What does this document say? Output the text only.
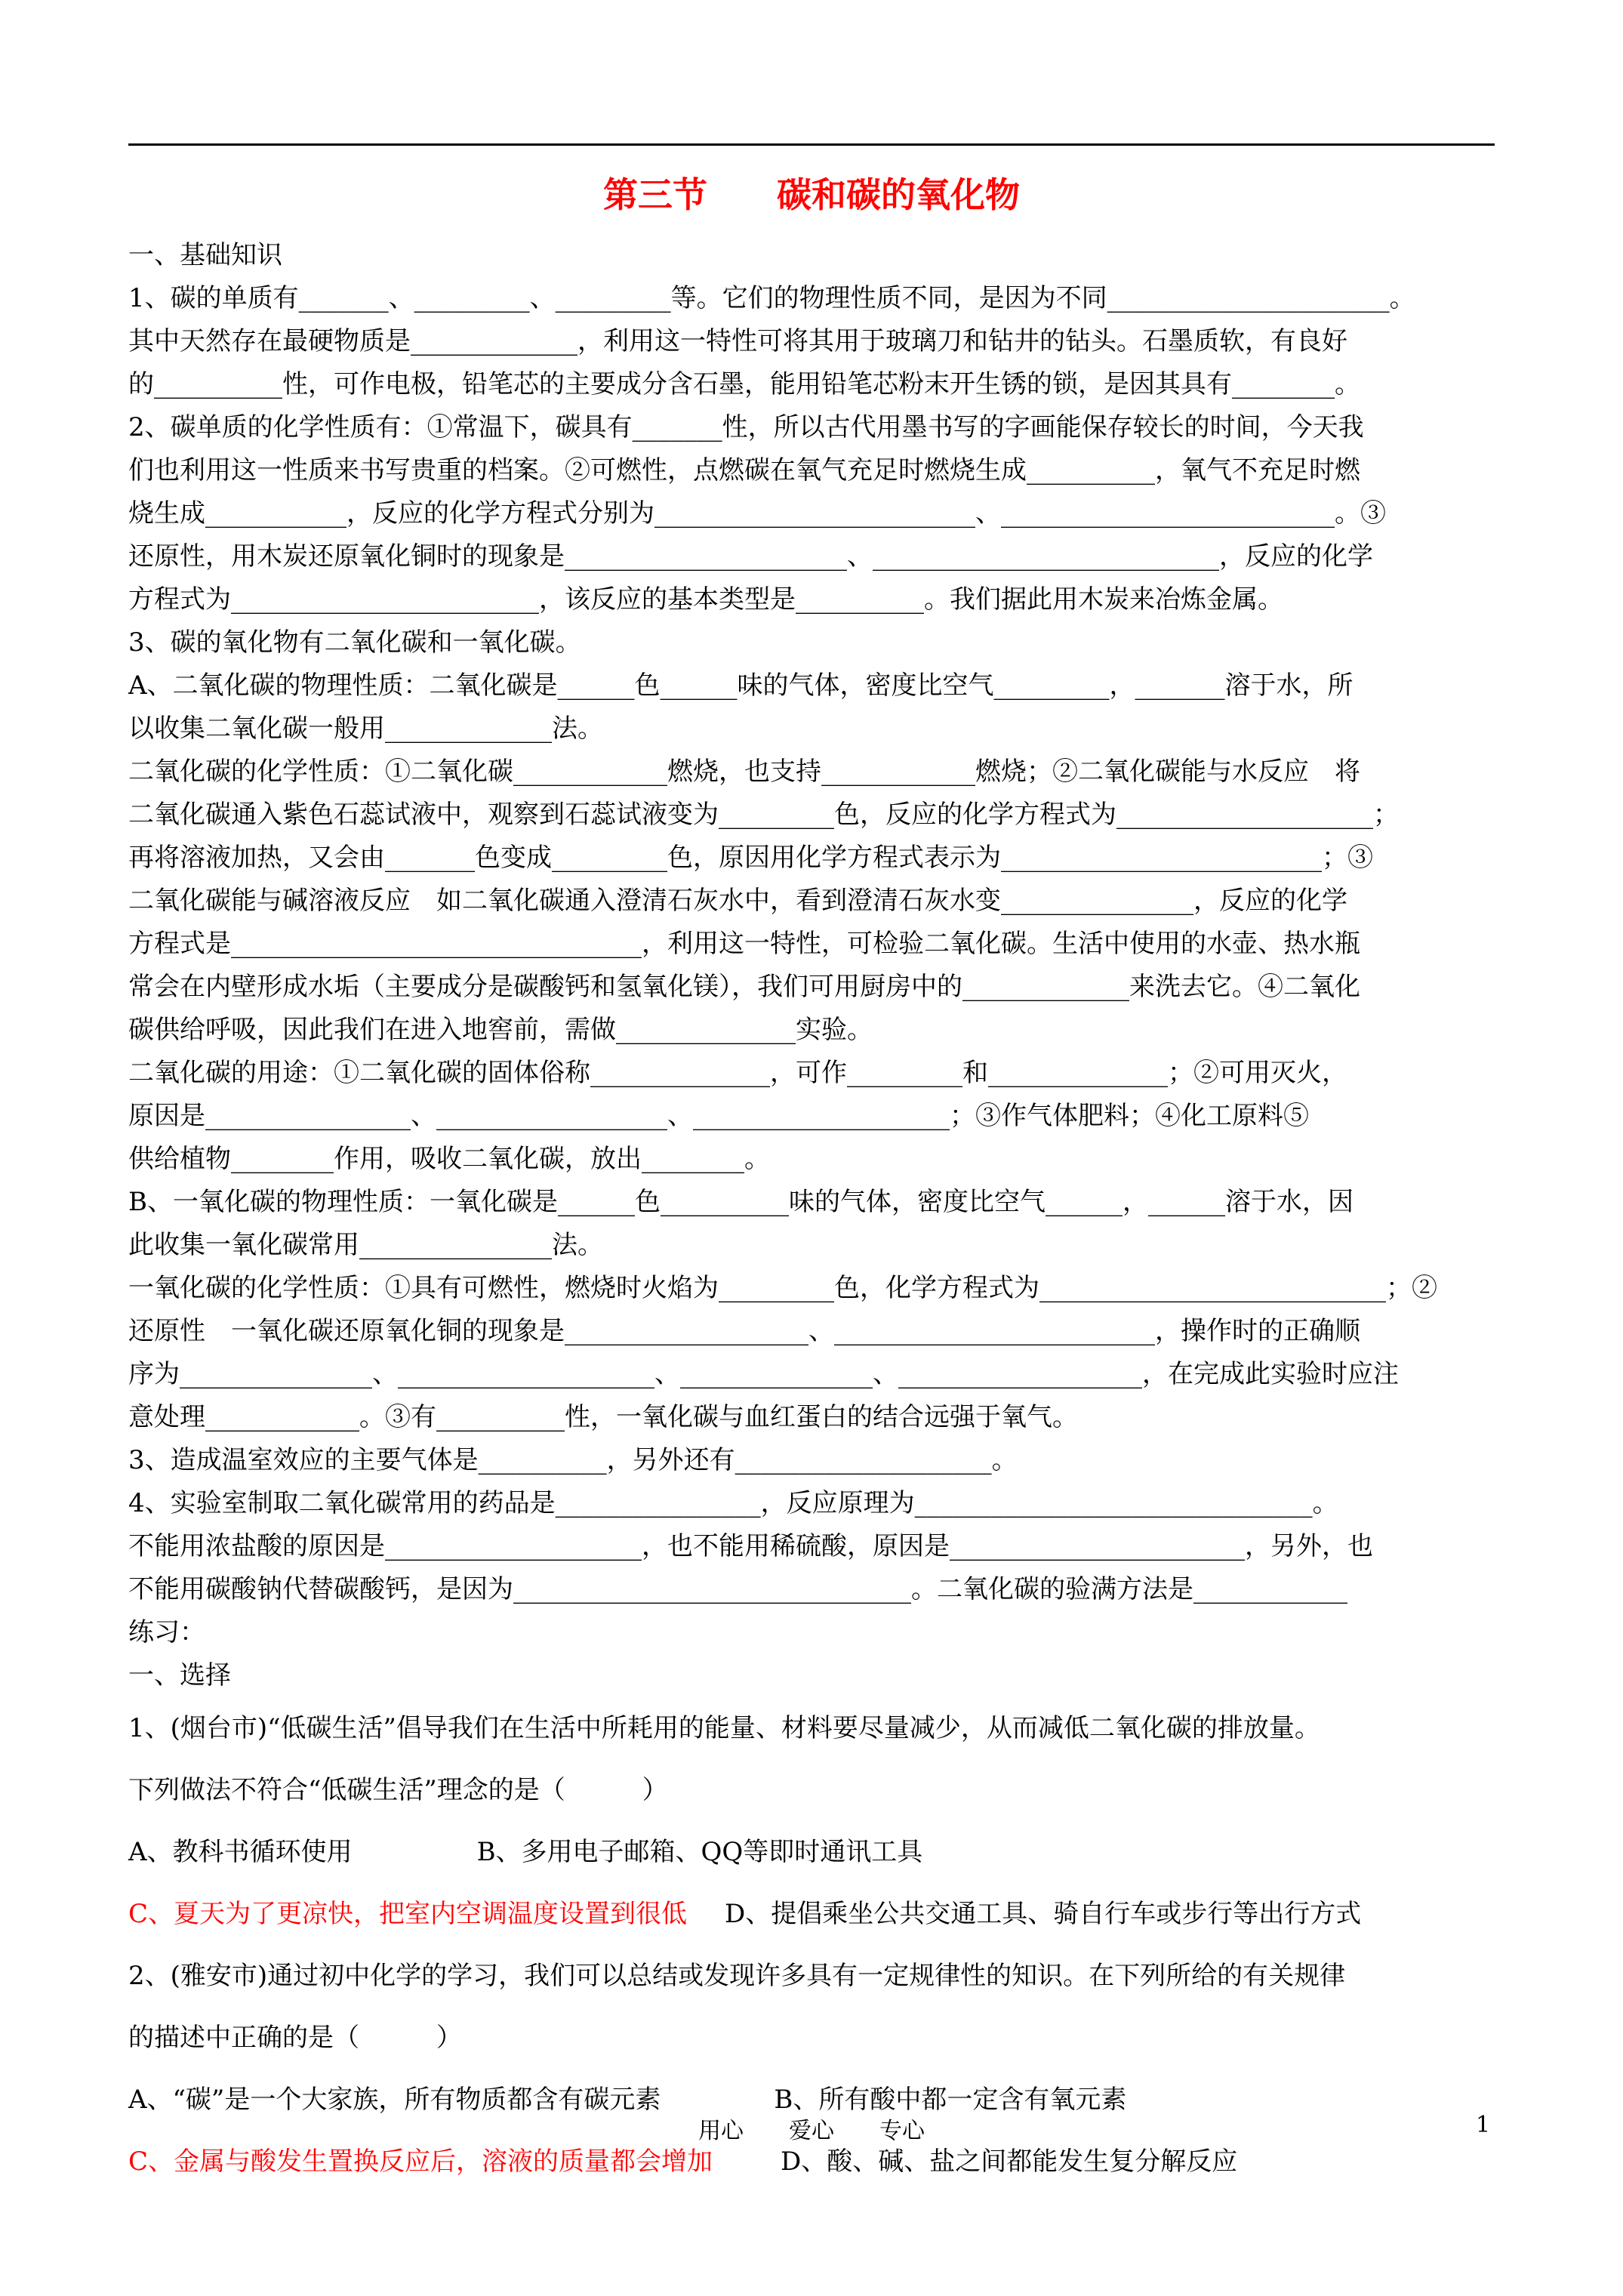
第三节　　碳和碳的氧化物
一、基础知识
1、碳的单质有_______、_________、_________等。它们的物理性质不同，是因为不同______________________。
其中天然存在最硬物质是_____________，利用这一特性可将其用于玻璃刀和钻井的钻头。石墨质软，有良好
的__________性，可作电极，铅笔芯的主要成分含石墨，能用铅笔芯粉末开生锈的锁，是因其具有________。
2、碳单质的化学性质有：①常温下，碳具有_______性，所以古代用墨书写的字画能保存较长的时间，今天我
们也利用这一性质来书写贵重的档案。②可燃性，点燃碳在氧气充足时燃烧生成__________，氧气不充足时燃
烧生成___________，反应的化学方程式分别为_________________________、__________________________。③
还原性，用木炭还原氧化铜时的现象是______________________、___________________________，反应的化学
方程式为________________________，该反应的基本类型是__________。我们据此用木炭来冶炼金属。
3、碳的氧化物有二氧化碳和一氧化碳。
A、二氧化碳的物理性质：二氧化碳是______色______味的气体，密度比空气_________，_______溶于水，所
以收集二氧化碳一般用_____________法。
二氧化碳的化学性质：①二氧化碳____________燃烧，也支持____________燃烧；②二氧化碳能与水反应　将
二氧化碳通入紫色石蕊试液中，观察到石蕊试液变为_________色，反应的化学方程式为____________________；
再将溶液加热，又会由_______色变成_________色，原因用化学方程式表示为_________________________；③
二氧化碳能与碱溶液反应　如二氧化碳通入澄清石灰水中，看到澄清石灰水变_______________，反应的化学
方程式是________________________________，利用这一特性，可检验二氧化碳。生活中使用的水壶、热水瓶
常会在内壁形成水垢（主要成分是碳酸钙和氢氧化镁），我们可用厨房中的_____________来洗去它。④二氧化
碳供给呼吸，因此我们在进入地窖前，需做______________实验。
二氧化碳的用途：①二氧化碳的固体俗称______________，可作_________和______________；②可用灭火，
原因是________________、__________________、____________________；③作气体肥料；④化工原料⑤
供给植物________作用，吸收二氧化碳，放出________。
B、一氧化碳的物理性质：一氧化碳是______色__________味的气体，密度比空气______，______溶于水，因
此收集一氧化碳常用_______________法。
一氧化碳的化学性质：①具有可燃性，燃烧时火焰为_________色，化学方程式为___________________________；②
还原性　一氧化碳还原氧化铜的现象是___________________、_________________________，操作时的正确顺
序为_______________、____________________、_______________、___________________，在完成此实验时应注
意处理____________。③有__________性，一氧化碳与血红蛋白的结合远强于氧气。
3、造成温室效应的主要气体是__________，另外还有____________________。
4、实验室制取二氧化碳常用的药品是________________，反应原理为_______________________________。
不能用浓盐酸的原因是____________________，也不能用稀硫酸，原因是_______________________，另外，也
不能用碳酸钠代替碳酸钙，是因为_______________________________。二氧化碳的验满方法是____________
练习：
一、选择
1、(烟台市)“低碳生活”倡导我们在生活中所耗用的能量、材料要尽量减少，从而减低二氧化碳的排放量。
下列做法不符合“低碳生活”理念的是（　　　）
A、教科书循环使用	B、多用电子邮箱、QQ等即时通讯工具
C、夏天为了更凉快，把室内空调温度设置到很低 D、提倡乘坐公共交通工具、骑自行车或步行等出行方式
2、(雅安市)通过初中化学的学习，我们可以总结或发现许多具有一定规律性的知识。在下列所给的有关规律
的描述中正确的是（　　　）
A、“碳”是一个大家族，所有物质都含有碳元素	B、所有酸中都一定含有氧元素
C、金属与酸发生置换反应后，溶液的质量都会增加	D、酸、碱、盐之间都能发生复分解反应
用心　　爱心　　专心	1
